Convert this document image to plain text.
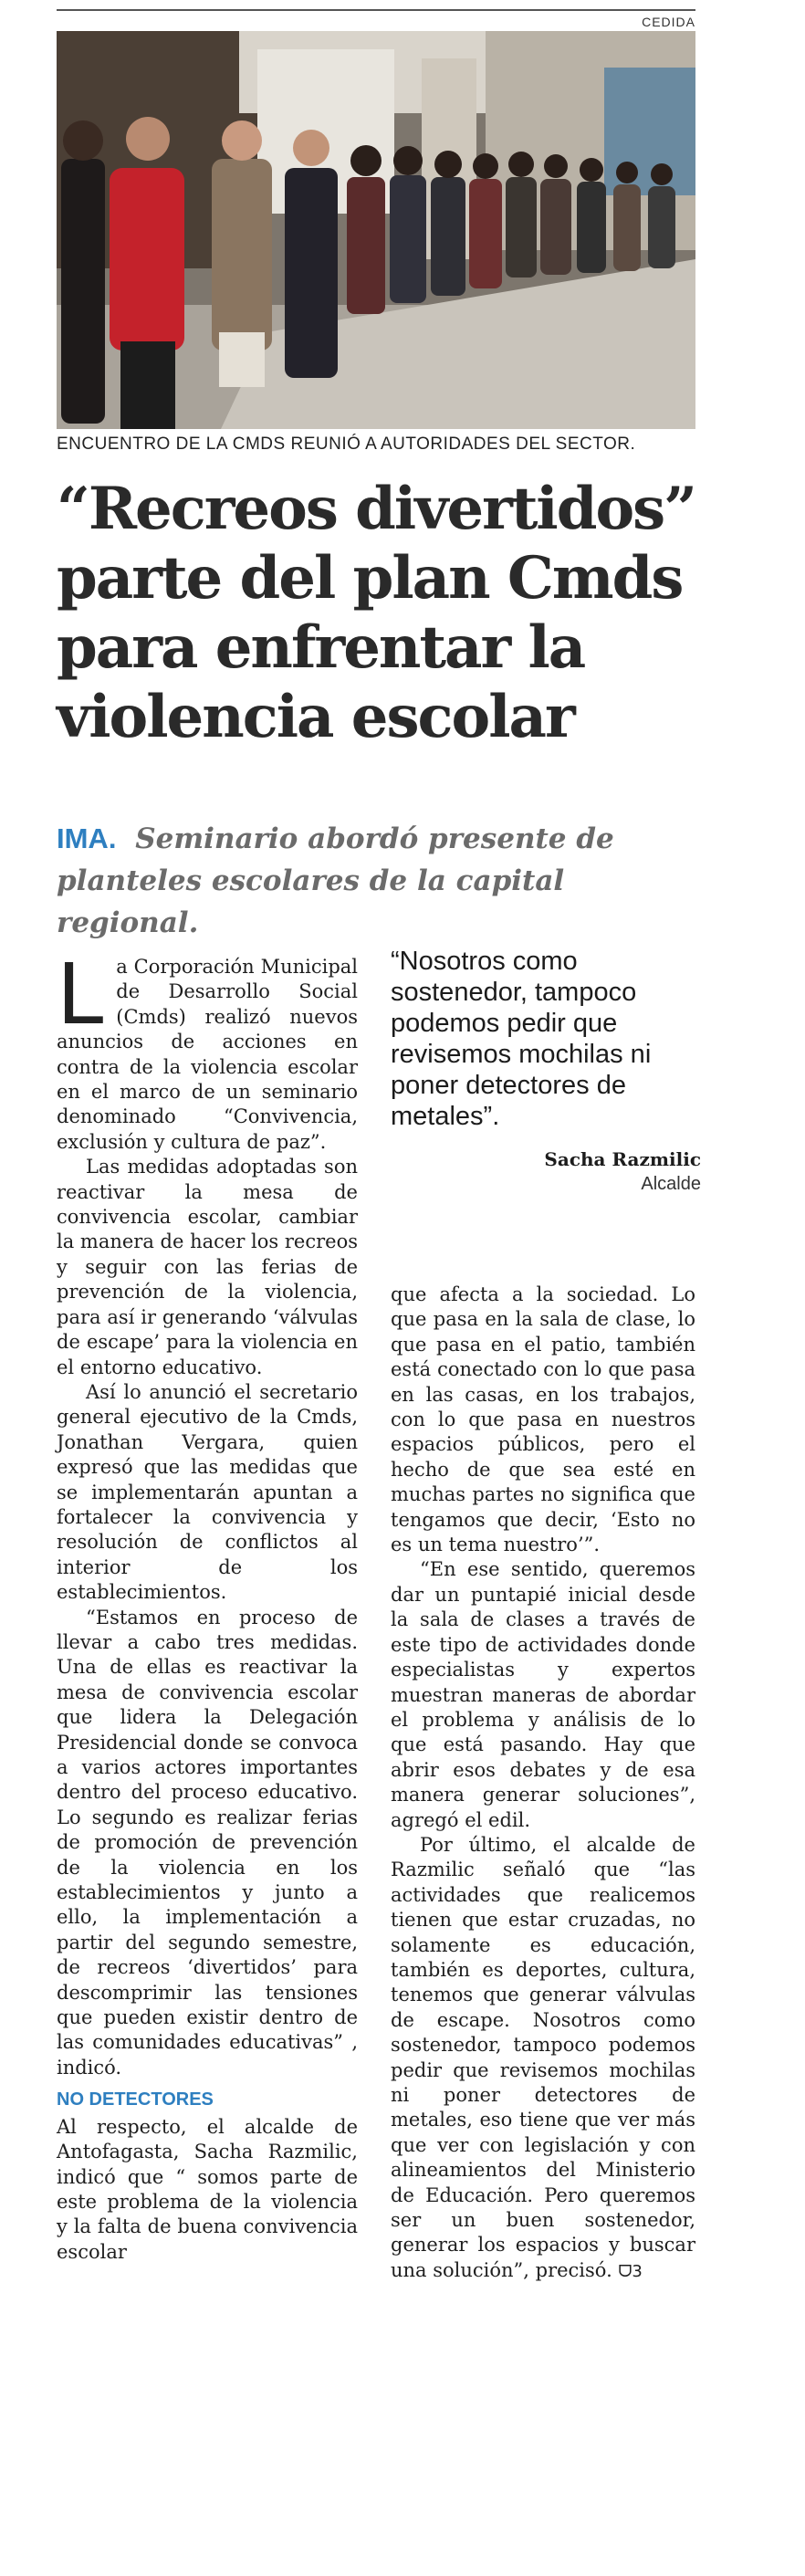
CEDIDA
ENCUENTRO DE LA CMDS REUNIÓ A AUTORIDADES DEL SECTOR.
“Recreos divertidos” parte del plan Cmds para enfrentar la violencia escolar
IMA. Seminario abordó presente de planteles escolares de la capital regional.

La Corporación Municipal de Desarrollo Social (Cmds) realizó nuevos anuncios de acciones en contra de la violencia escolar en el marco de un seminario denominado “Convivencia, exclusión y cultura de paz”.

Las medidas adoptadas son reactivar la mesa de convivencia escolar, cambiar la manera de hacer los recreos y seguir con las ferias de prevención de la violencia, para así ir generando ‘válvulas de escape’ para la violencia en el entorno educativo.

Así lo anunció el secretario general ejecutivo de la Cmds, Jonathan Vergara, quien expresó que las medidas que se implementarán apuntan a fortalecer la convivencia y resolución de conflictos al interior de los establecimientos.

“Estamos en proceso de llevar a cabo tres medidas. Una de ellas es reactivar la mesa de convivencia escolar que lidera la Delegación Presidencial donde se convoca a varios actores importantes dentro del proceso educativo. Lo segundo es realizar ferias de promoción de prevención de la violencia en los establecimientos y junto a ello, la implementación a partir del segundo semestre, de recreos ‘divertidos’ para descomprimir las tensiones que pueden existir dentro de las comunidades educativas” , indicó.

NO DETECTORES

Al respecto, el alcalde de Antofagasta, Sacha Razmilic, indicó que “ somos parte de este problema de la violencia y la falta de buena convivencia escolar

“Nosotros como sostenedor, tampoco podemos pedir que revisemos mochilas ni poner detectores de metales”.

Sacha Razmilic
Alcalde

que afecta a la sociedad. Lo que pasa en la sala de clase, lo que pasa en el patio, también está conectado con lo que pasa en las casas, en los trabajos, con lo que pasa en nuestros espacios públicos, pero el hecho de que sea esté en muchas partes no significa que tengamos que decir, ‘Esto no es un tema nuestro’”.

“En ese sentido, queremos dar un puntapié inicial desde la sala de clases a través de este tipo de actividades donde especialistas y expertos muestran maneras de abordar el problema y análisis de lo que está pasando. Hay que abrir esos debates y de esa manera generar soluciones”, agregó el edil.

Por último, el alcalde de Razmilic señaló que “las actividades que realicemos tienen que estar cruzadas, no solamente es educación, también es deportes, cultura, tenemos que generar válvulas de escape. Nosotros como sostenedor, tampoco podemos pedir que revisemos mochilas ni poner detectores de metales, eso tiene que ver más que ver con legislación y con alineamientos del Ministerio de Educación. Pero queremos ser un buen sostenedor, generar los espacios y buscar una solución”, precisó. ᗜ3
